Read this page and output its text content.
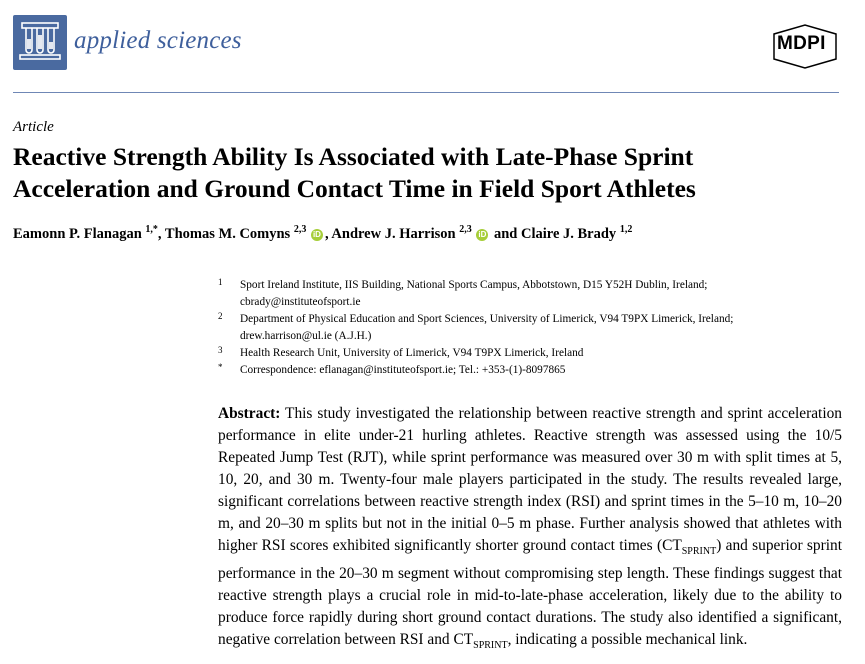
applied sciences	MDPI
Article
Reactive Strength Ability Is Associated with Late-Phase Sprint
Acceleration and Ground Contact Time in Field Sport Athletes
Eamonn P. Flanagan $^{1,*}$, Thomas M. Comyns $^{2,3}$ iD , Andrew J. Harrison $^{2,3}$ iD and Claire J. Brady $^{1,2}$
1 Sport Ireland Institute, IIS Building, National Sports Campus, Abbotstown, D15 Y52H Dublin, Ireland;
cbrady@instituteofsport.ie
2 Department of Physical Education and Sport Sciences, University of Limerick, V94 T9PX Limerick, Ireland;
drew.harrison@ul.ie (A.J.H.)
3 Health Research Unit, University of Limerick, V94 T9PX Limerick, Ireland
* Correspondence: eflanagan@instituteofsport.ie; Tel.: +353-(1)-8097865
Abstract: This study investigated the relationship between reactive strength and sprint acceleration performance in elite under-21 hurling athletes. Reactive strength was assessed using the 10/5 Repeated Jump Test (RJT), while sprint performance was measured over 30 m with split times at 5, 10, 20, and 30 m. Twenty-four male players participated in the study. The results revealed large, significant correlations between reactive strength index (RSI) and sprint times in the 5–10 m, 10–20 m, and 20–30 m splits but not in the initial 0–5 m phase. Further analysis showed that athletes with higher RSI scores exhibited significantly shorter ground contact times $(CT_{SPRINT})$ and superior sprint performance in the 20–30 m segment without compromising step length. These findings suggest that reactive strength plays a crucial role in mid-to-late-phase acceleration, likely due to the ability to produce force rapidly during short ground contact durations. The study also identified a significant, negative correlation between RSI and $CT_{SPRINT}$, indicating a possible mechanical link.
